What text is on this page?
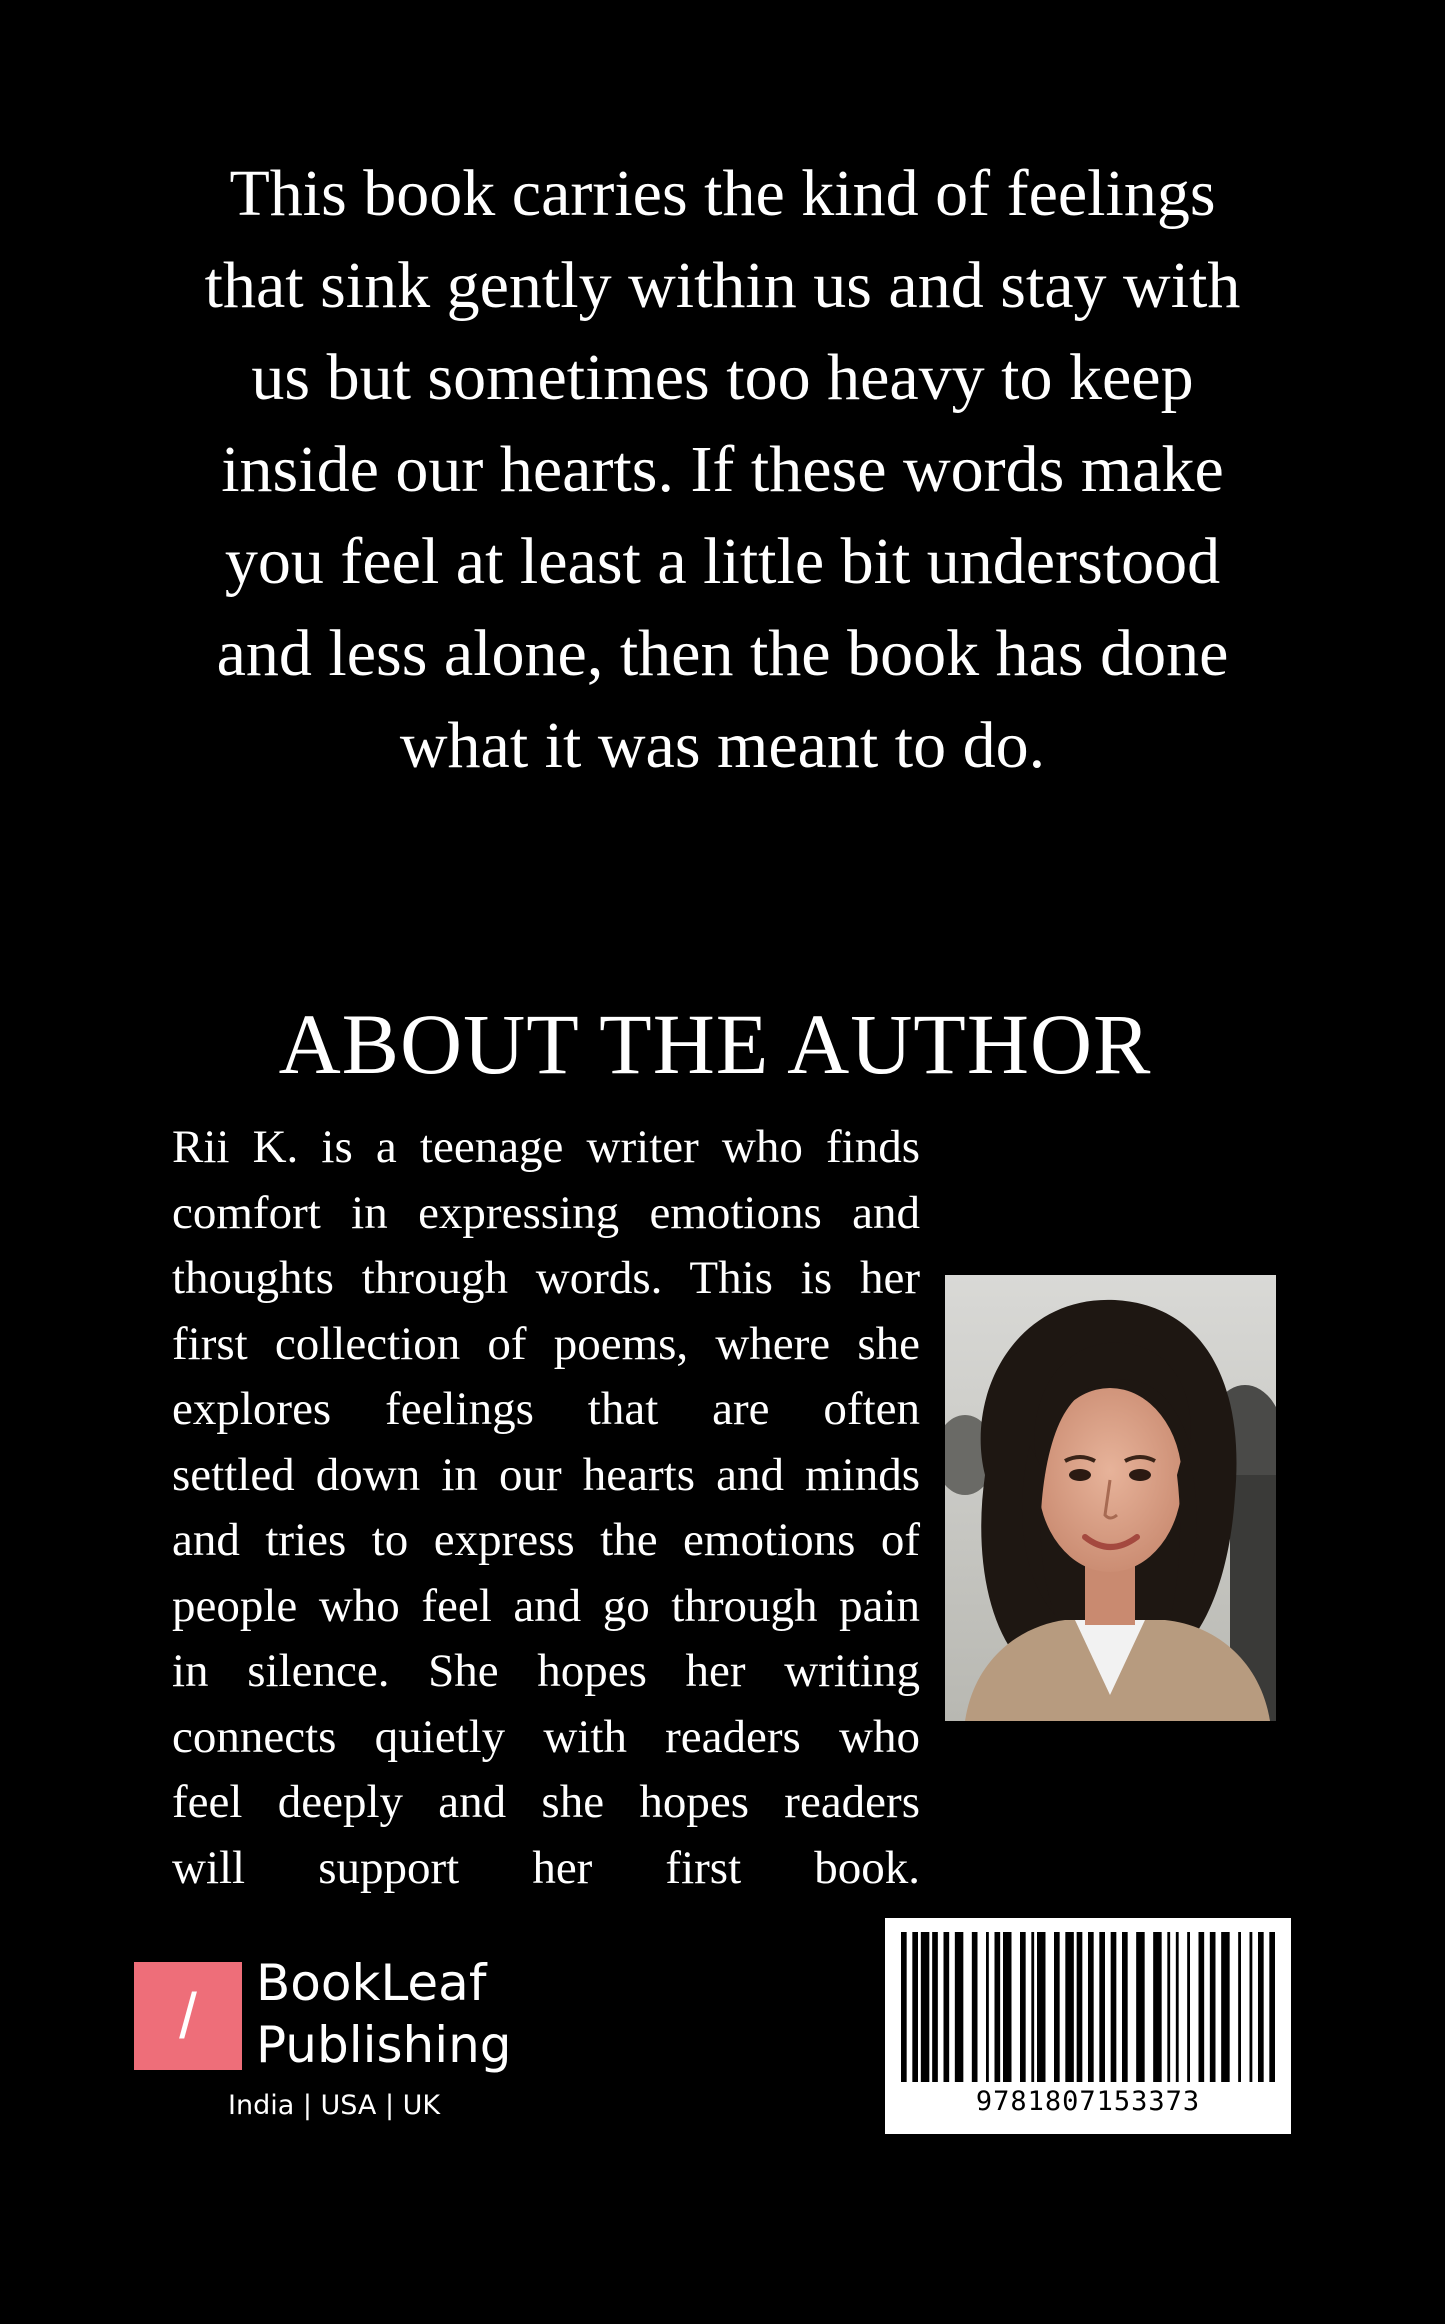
This book carries the kind of feelings
that sink gently within us and stay with
us but sometimes too heavy to keep
inside our hearts. If these words make
you feel at least a little bit understood
and less alone, then the book has done
what it was meant to do.
ABOUT THE AUTHOR
Rii K. is a teenage writer who finds
comfort in expressing emotions and
thoughts through words. This is her
first collection of poems, where she
explores feelings that are often
settled down in our hearts and minds
and tries to express the emotions of
people who feel and go through pain
in silence. She hopes her writing
connects quietly with readers who
feel deeply and she hopes readers
will support her first book.
/	BookLeaf
Publishing
India | USA | UK	9781807153373
